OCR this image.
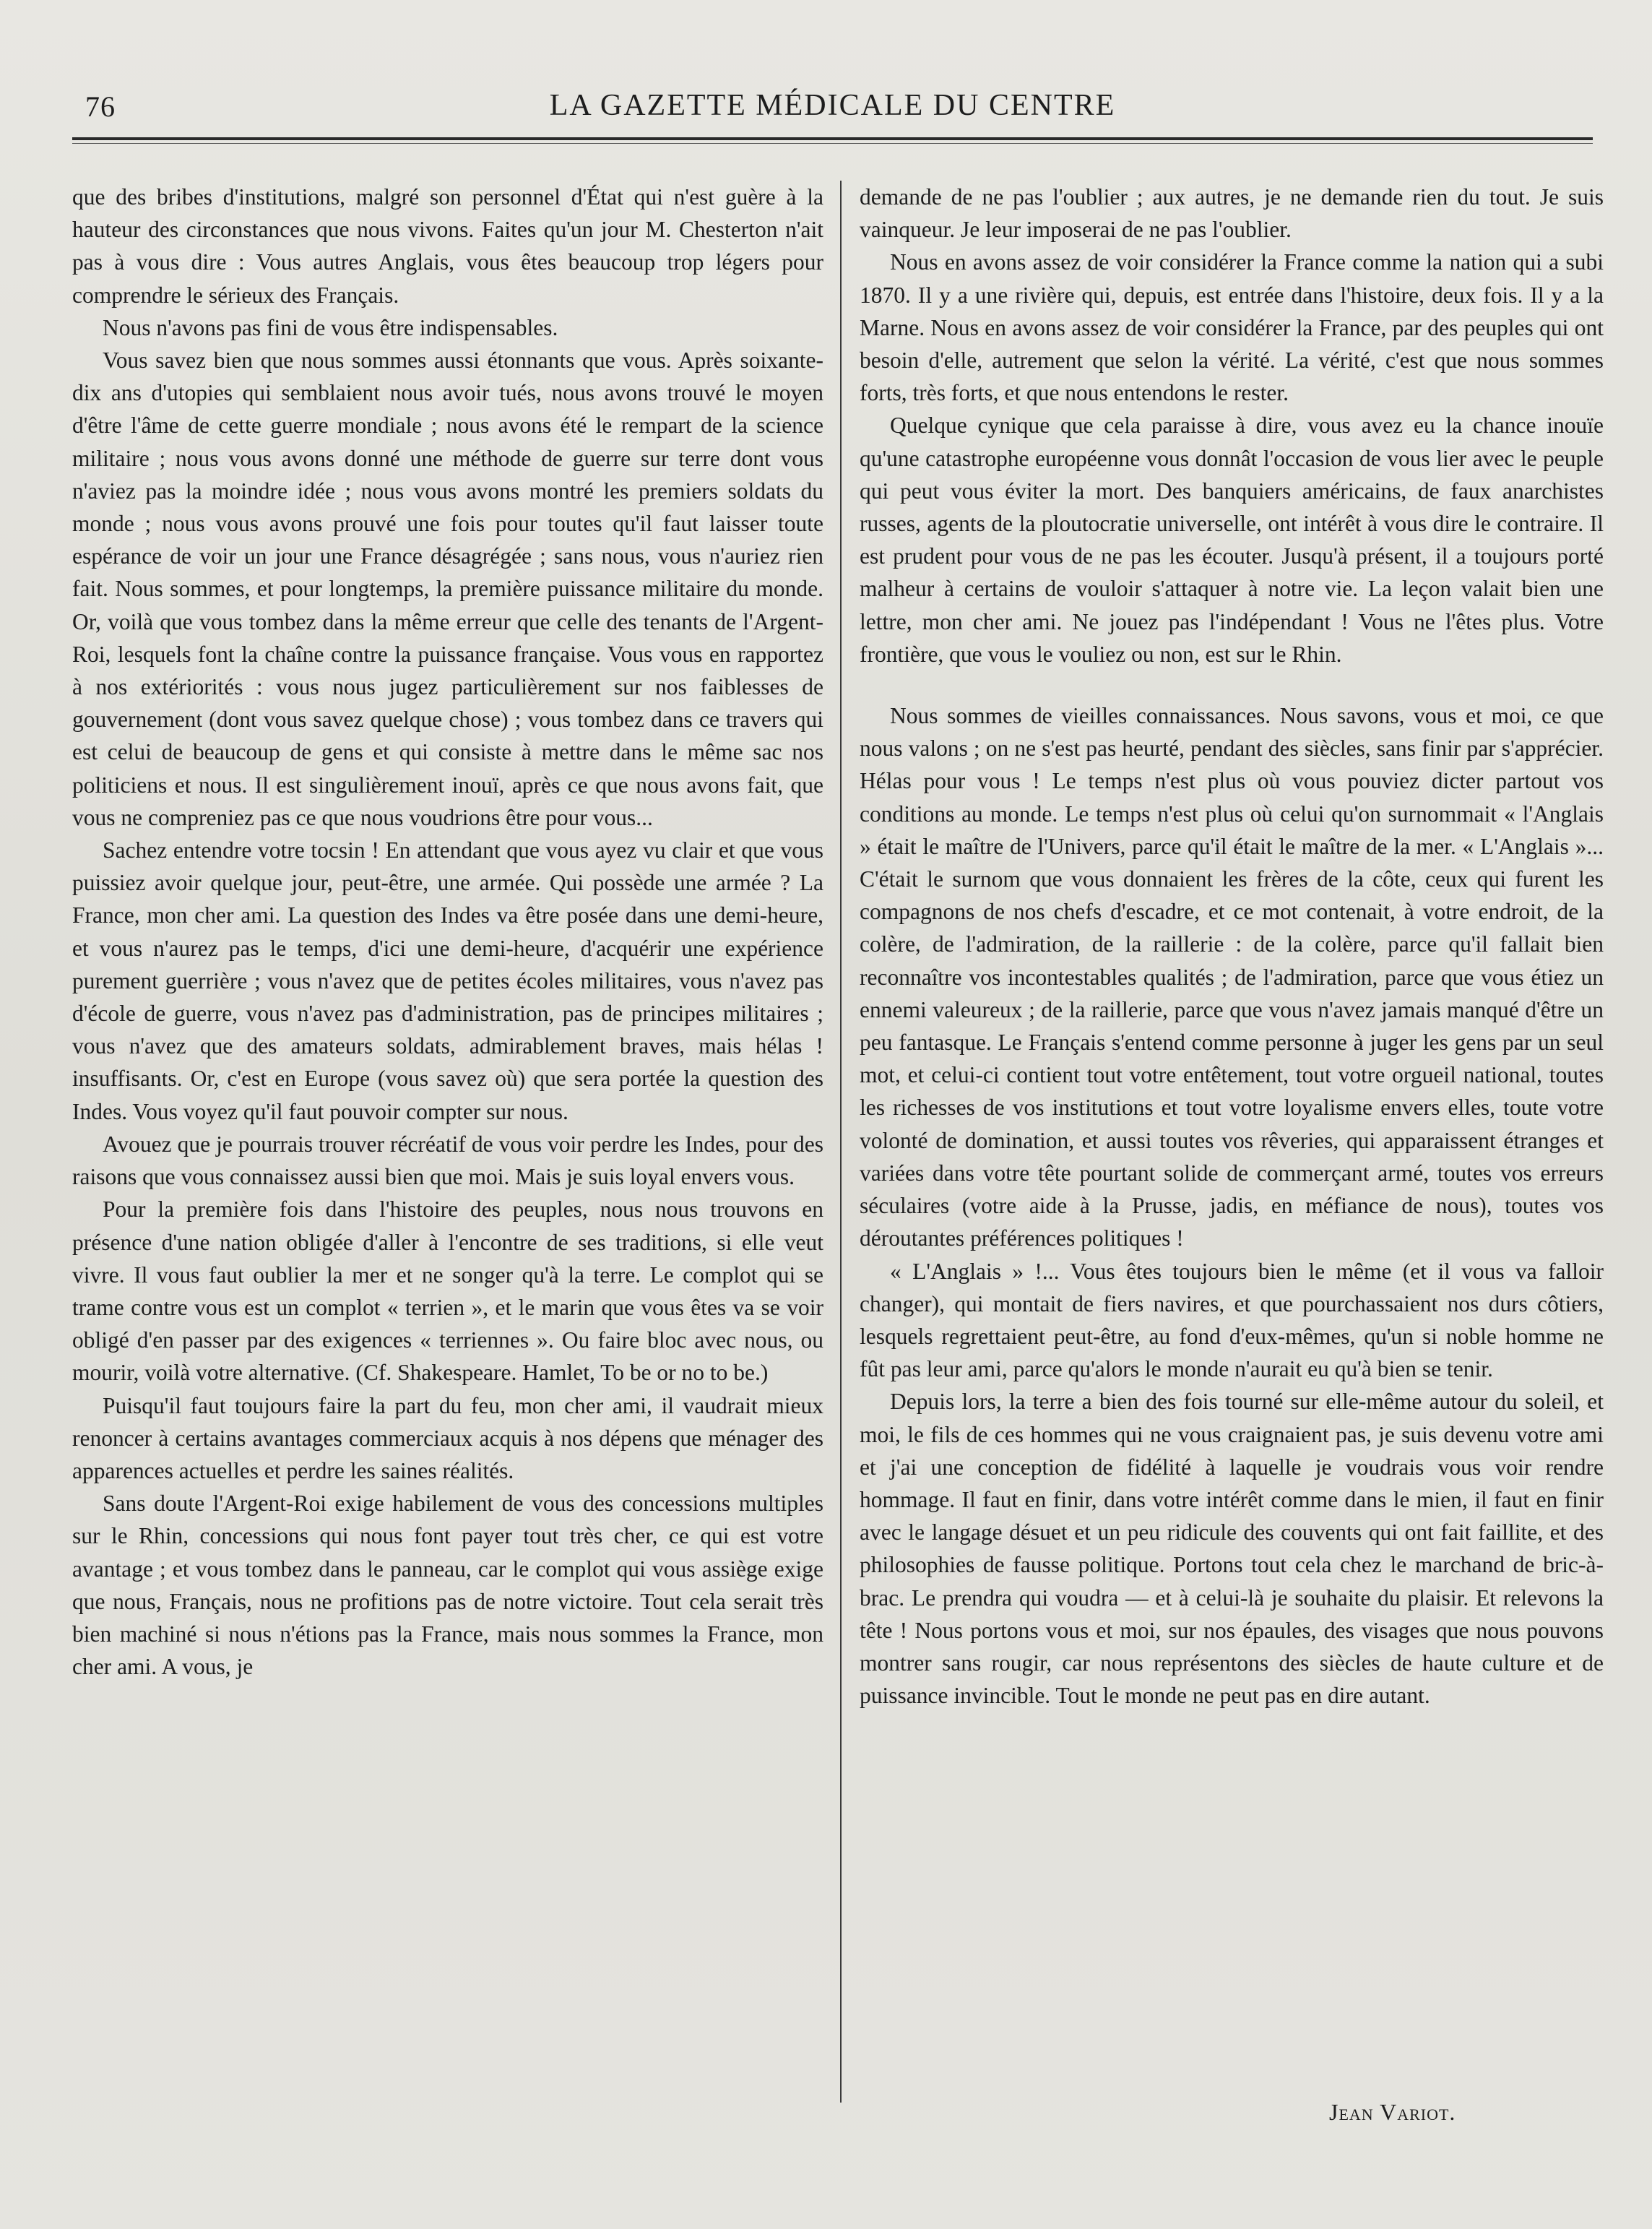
76	LA GAZETTE MÉDICALE DU CENTRE

que des bribes d'institutions, malgré son personnel d'État qui n'est guère à la hauteur des circonstances que nous vivons. Faites qu'un jour M. Chesterton n'ait pas à vous dire : Vous autres Anglais, vous êtes beaucoup trop légers pour comprendre le sérieux des Français.

Nous n'avons pas fini de vous être indispensables.

Vous savez bien que nous sommes aussi étonnants que vous. Après soixante-dix ans d'utopies qui semblaient nous avoir tués, nous avons trouvé le moyen d'être l'âme de cette guerre mondiale ; nous avons été le rempart de la science militaire ; nous vous avons donné une méthode de guerre sur terre dont vous n'aviez pas la moindre idée ; nous vous avons montré les premiers soldats du monde ; nous vous avons prouvé une fois pour toutes qu'il faut laisser toute espérance de voir un jour une France désagrégée ; sans nous, vous n'auriez rien fait. Nous sommes, et pour longtemps, la première puissance militaire du monde. Or, voilà que vous tombez dans la même erreur que celle des tenants de l'Argent-Roi, lesquels font la chaîne contre la puissance française. Vous vous en rapportez à nos extériorités : vous nous jugez particulièrement sur nos faiblesses de gouvernement (dont vous savez quelque chose) ; vous tombez dans ce travers qui est celui de beaucoup de gens et qui consiste à mettre dans le même sac nos politiciens et nous. Il est singulièrement inouï, après ce que nous avons fait, que vous ne compreniez pas ce que nous voudrions être pour vous...

Sachez entendre votre tocsin ! En attendant que vous ayez vu clair et que vous puissiez avoir quelque jour, peut-être, une armée. Qui possède une armée ? La France, mon cher ami. La question des Indes va être posée dans une demi-heure, et vous n'aurez pas le temps, d'ici une demi-heure, d'acquérir une expérience purement guerrière ; vous n'avez que de petites écoles militaires, vous n'avez pas d'école de guerre, vous n'avez pas d'administration, pas de principes militaires ; vous n'avez que des amateurs soldats, admirablement braves, mais hélas ! insuffisants. Or, c'est en Europe (vous savez où) que sera portée la question des Indes. Vous voyez qu'il faut pouvoir compter sur nous.

Avouez que je pourrais trouver récréatif de vous voir perdre les Indes, pour des raisons que vous connaissez aussi bien que moi. Mais je suis loyal envers vous.

Pour la première fois dans l'histoire des peuples, nous nous trouvons en présence d'une nation obligée d'aller à l'encontre de ses traditions, si elle veut vivre. Il vous faut oublier la mer et ne songer qu'à la terre. Le complot qui se trame contre vous est un complot « terrien », et le marin que vous êtes va se voir obligé d'en passer par des exigences « terriennes ». Ou faire bloc avec nous, ou mourir, voilà votre alternative. (Cf. Shakespeare. Hamlet, To be or no to be.)

Puisqu'il faut toujours faire la part du feu, mon cher ami, il vaudrait mieux renoncer à certains avantages commerciaux acquis à nos dépens que ménager des apparences actuelles et perdre les saines réalités.

Sans doute l'Argent-Roi exige habilement de vous des concessions multiples sur le Rhin, concessions qui nous font payer tout très cher, ce qui est votre avantage ; et vous tombez dans le panneau, car le complot qui vous assiège exige que nous, Français, nous ne profitions pas de notre victoire. Tout cela serait très bien machiné si nous n'étions pas la France, mais nous sommes la France, mon cher ami. A vous, je

demande de ne pas l'oublier ; aux autres, je ne demande rien du tout. Je suis vainqueur. Je leur imposerai de ne pas l'oublier.

Nous en avons assez de voir considérer la France comme la nation qui a subi 1870. Il y a une rivière qui, depuis, est entrée dans l'histoire, deux fois. Il y a la Marne. Nous en avons assez de voir considérer la France, par des peuples qui ont besoin d'elle, autrement que selon la vérité. La vérité, c'est que nous sommes forts, très forts, et que nous entendons le rester.

Quelque cynique que cela paraisse à dire, vous avez eu la chance inouïe qu'une catastrophe européenne vous donnât l'occasion de vous lier avec le peuple qui peut vous éviter la mort. Des banquiers américains, de faux anarchistes russes, agents de la ploutocratie universelle, ont intérêt à vous dire le contraire. Il est prudent pour vous de ne pas les écouter. Jusqu'à présent, il a toujours porté malheur à certains de vouloir s'attaquer à notre vie. La leçon valait bien une lettre, mon cher ami. Ne jouez pas l'indépendant ! Vous ne l'êtes plus. Votre frontière, que vous le vouliez ou non, est sur le Rhin.

Nous sommes de vieilles connaissances. Nous savons, vous et moi, ce que nous valons ; on ne s'est pas heurté, pendant des siècles, sans finir par s'apprécier. Hélas pour vous ! Le temps n'est plus où vous pouviez dicter partout vos conditions au monde. Le temps n'est plus où celui qu'on surnommait « l'Anglais » était le maître de l'Univers, parce qu'il était le maître de la mer. « L'Anglais »... C'était le surnom que vous donnaient les frères de la côte, ceux qui furent les compagnons de nos chefs d'escadre, et ce mot contenait, à votre endroit, de la colère, de l'admiration, de la raillerie : de la colère, parce qu'il fallait bien reconnaître vos incontestables qualités ; de l'admiration, parce que vous étiez un ennemi valeureux ; de la raillerie, parce que vous n'avez jamais manqué d'être un peu fantasque. Le Français s'entend comme personne à juger les gens par un seul mot, et celui-ci contient tout votre entêtement, tout votre orgueil national, toutes les richesses de vos institutions et tout votre loyalisme envers elles, toute votre volonté de domination, et aussi toutes vos rêveries, qui apparaissent étranges et variées dans votre tête pourtant solide de commerçant armé, toutes vos erreurs séculaires (votre aide à la Prusse, jadis, en méfiance de nous), toutes vos déroutantes préférences politiques !

« L'Anglais » !... Vous êtes toujours bien le même (et il vous va falloir changer), qui montait de fiers navires, et que pourchassaient nos durs côtiers, lesquels regrettaient peut-être, au fond d'eux-mêmes, qu'un si noble homme ne fût pas leur ami, parce qu'alors le monde n'aurait eu qu'à bien se tenir.

Depuis lors, la terre a bien des fois tourné sur elle-même autour du soleil, et moi, le fils de ces hommes qui ne vous craignaient pas, je suis devenu votre ami et j'ai une conception de fidélité à laquelle je voudrais vous voir rendre hommage. Il faut en finir, dans votre intérêt comme dans le mien, il faut en finir avec le langage désuet et un peu ridicule des couvents qui ont fait faillite, et des philosophies de fausse politique. Portons tout cela chez le marchand de bric-à-brac. Le prendra qui voudra — et à celui-là je souhaite du plaisir. Et relevons la tête ! Nous portons vous et moi, sur nos épaules, des visages que nous pouvons montrer sans rougir, car nous représentons des siècles de haute culture et de puissance invincible. Tout le monde ne peut pas en dire autant.

Jean Variot.
